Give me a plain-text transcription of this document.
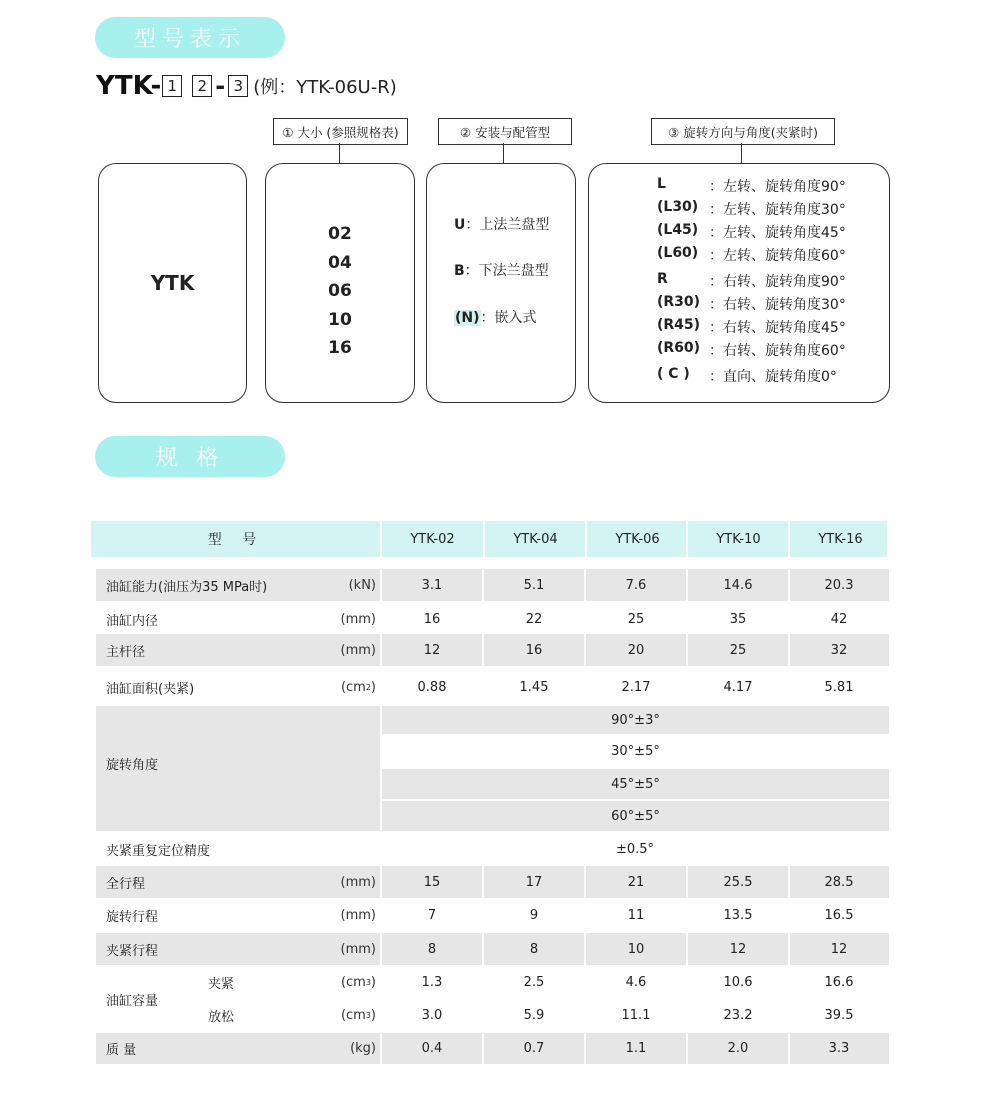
型号表示
规 格
YTK- 1	2 - 3 (例：YTK-06U-R)
① 大小 (参照规格表)	② 安装与配管型	③ 旋转方向与角度(夹紧时)
YTK
02
04
06
10
16
U：上法兰盘型
B：下法兰盘型
(N)：嵌入式
L	：左转、旋转角度90°
(L30) ：左转、旋转角度30°
(L45) ：左转、旋转角度45°
(L60) ：左转、旋转角度60°
R	：右转、旋转角度90°
(R30) ：右转、旋转角度30°
(R45) ：右转、旋转角度45°
(R60) ：右转、旋转角度60°
( C )	：直向、旋转角度0°
型 号	YTK-02	YTK-04	YTK-06	YTK-10	YTK-16
油缸能力(油压为35 MPa时)	(kN)	3.1	5.1	7.6	14.6	20.3
油缸内径	(mm)	16	22	25	35	42
主杆径	(mm)	12	16	20	25	32
油缸面积(夹紧)	(cm 2 )	0.88	1.45	2.17	4.17	5.81
旋转角度
90°±3°
30°±5°
45°±5°
60°±5°
夹紧重复定位精度	±0.5°
全行程	(mm)	15	17	21	25.5	28.5
旋转行程	(mm)	7	9	11	13.5	16.5
夹紧行程	(mm)	8	8	10	12	12
油缸容量
夹紧	(cm 3 )	1.3	2.5	4.6	10.6	16.6
放松	(cm 3 )	3.0	5.9	11.1	23.2	39.5
质 量	(kg)	0.4	0.7	1.1	2.0	3.3
